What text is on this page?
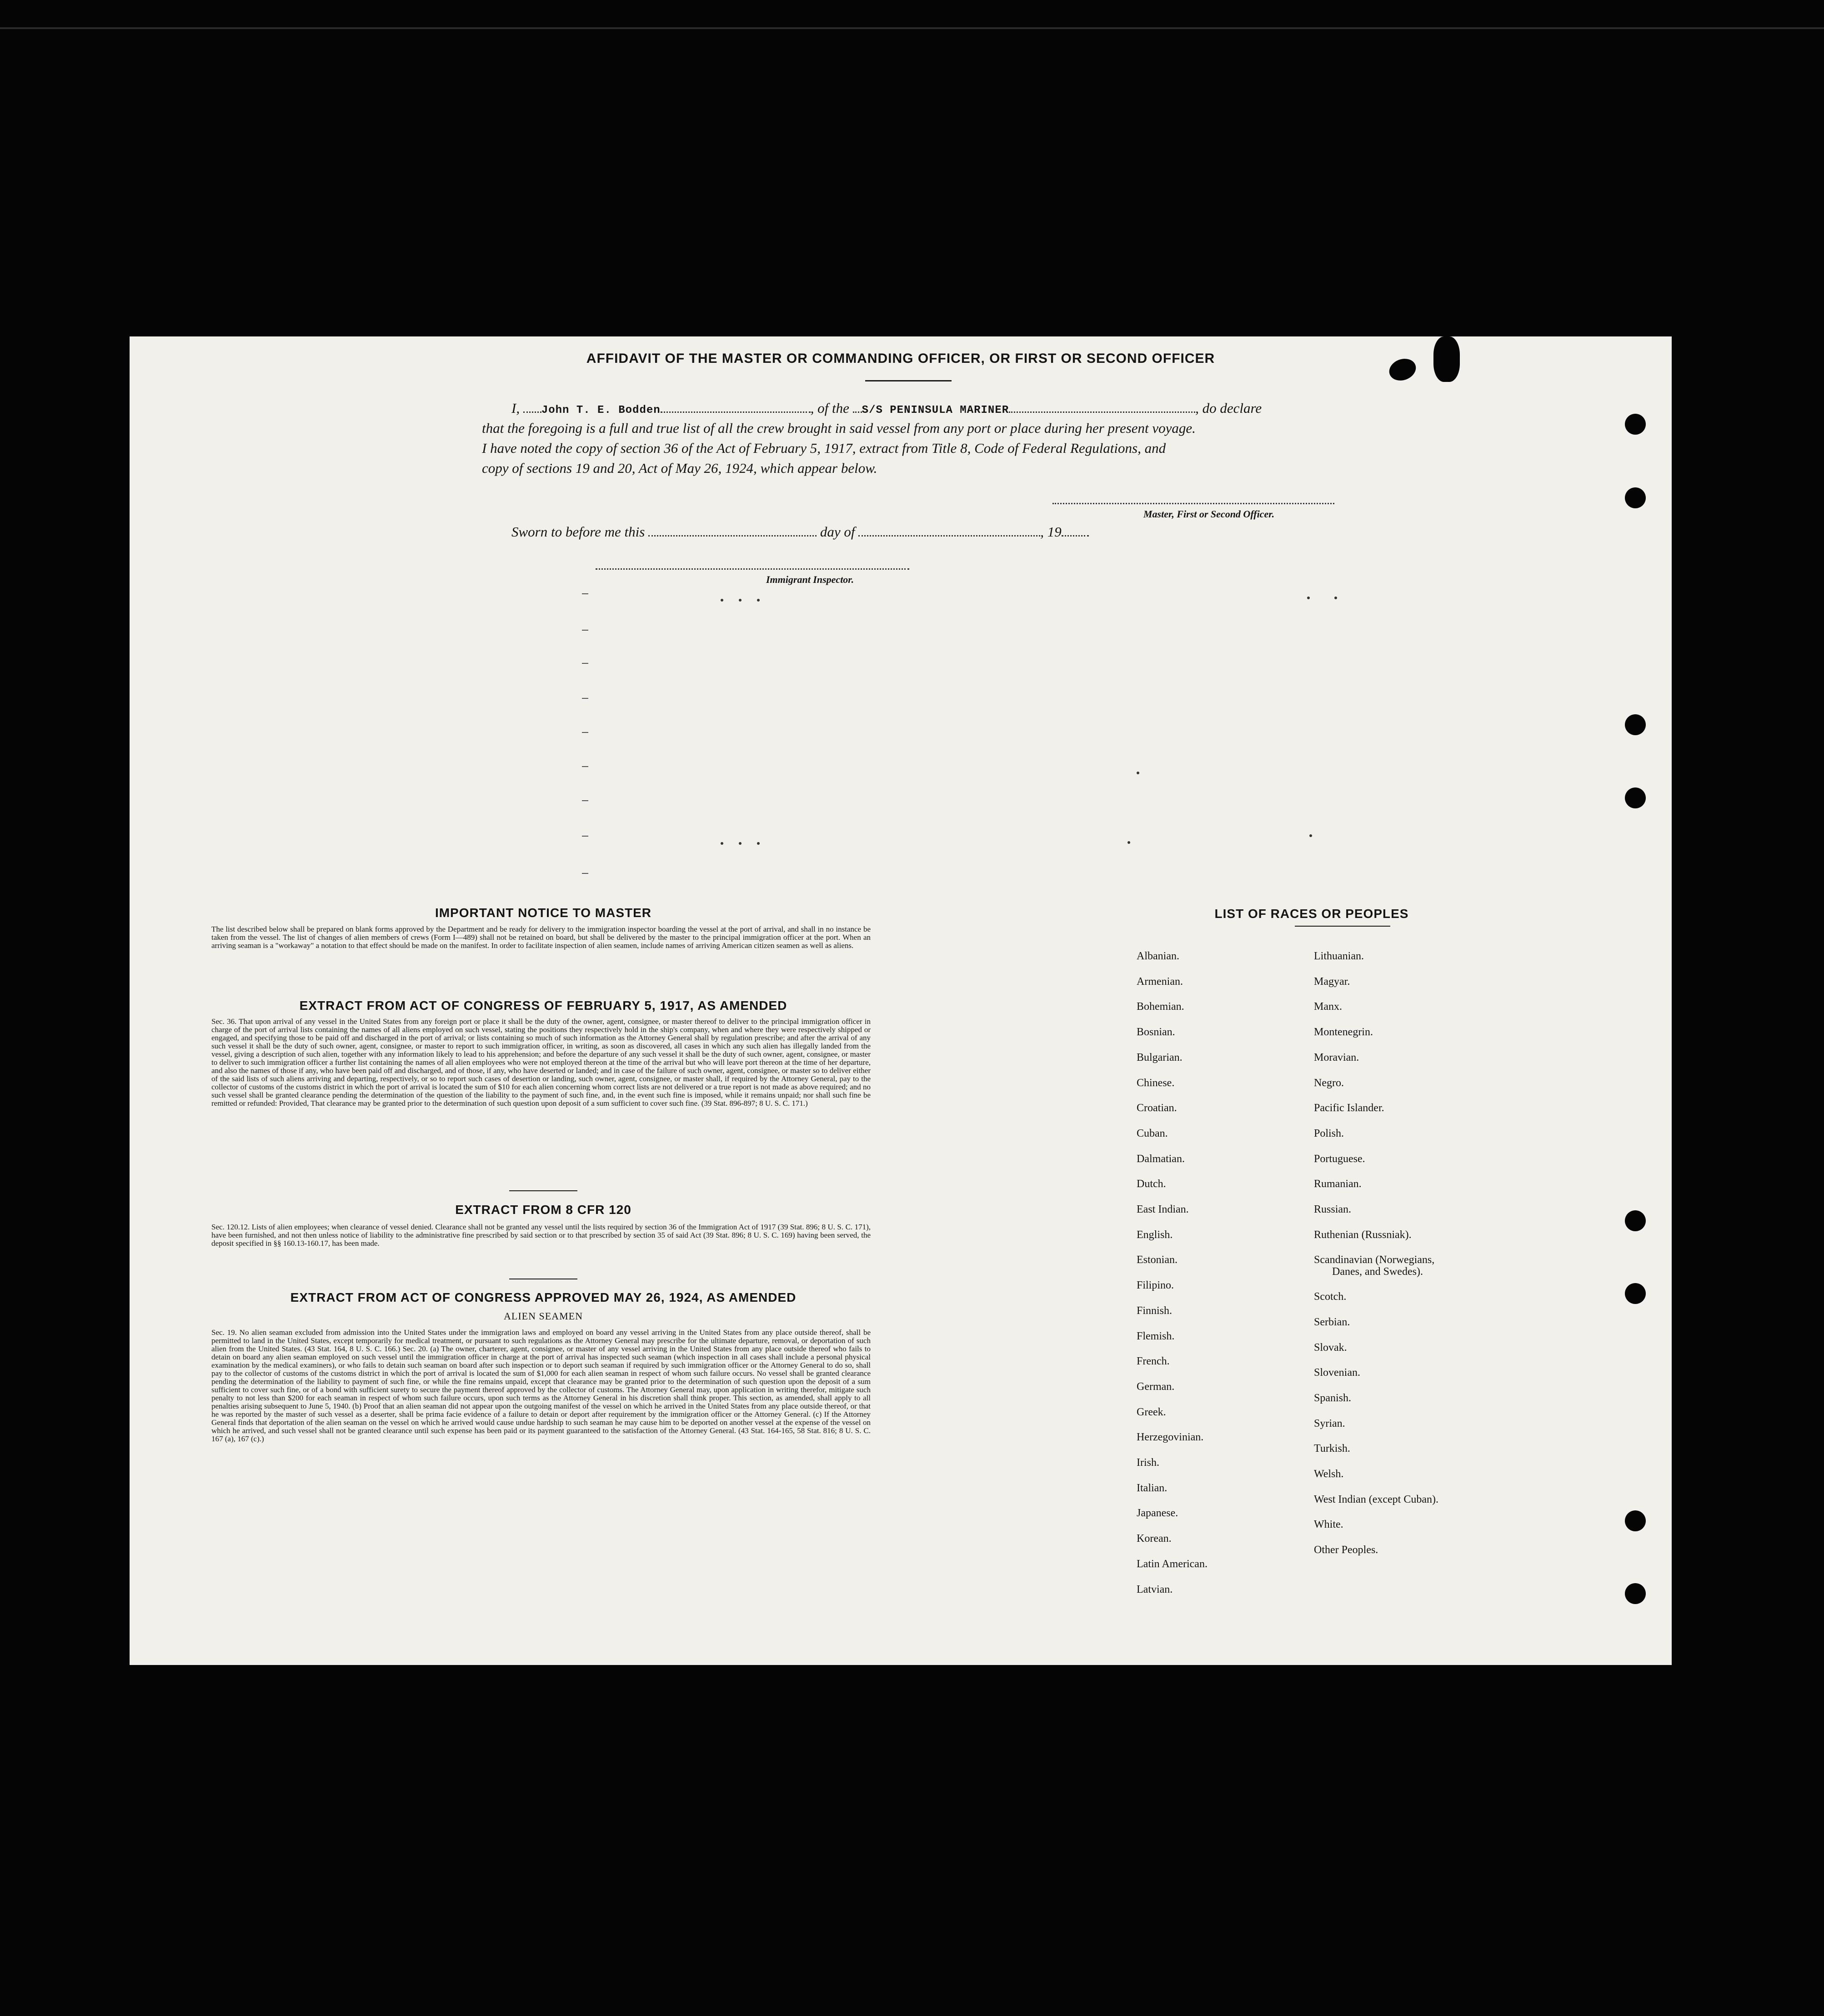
AFFIDAVIT OF THE MASTER OR COMMANDING OFFICER, OR FIRST OR SECOND OFFICER
I, John T. E. Bodden	, of the S/S PENINSULA MARINER	, do declare
that the foregoing is a full and true list of all the crew brought in said vessel from any port or place during her present voyage.
I have noted the copy of section 36 of the Act of February 5, 1917, extract from Title 8, Code of Federal Regulations, and
copy of sections 19 and 20, Act of May 26, 1924, which appear below.
Master, First or Second Officer.
Sworn to before me this	day of	, 19
Immigrant Inspector.
IMPORTANT NOTICE TO MASTER
The list described below shall be prepared on blank forms approved by the Department and be ready for delivery to the immigration inspector boarding the vessel at the port of arrival, and shall in no instance be taken from the vessel. The list of changes of alien members of crews (Form I—489) shall not be retained on board, but shall be delivered by the master to the principal immigration officer at the port. When an arriving seaman is a "workaway" a notation to that effect should be made on the manifest. In order to facilitate inspection of alien seamen, include names of arriving American citizen seamen as well as aliens.
EXTRACT FROM ACT OF CONGRESS OF FEBRUARY 5, 1917, AS AMENDED
Sec. 36. That upon arrival of any vessel in the United States from any foreign port or place it shall be the duty of the owner, agent, consignee, or master thereof to deliver to the principal immigration officer in charge of the port of arrival lists containing the names of all aliens employed on such vessel, stating the positions they respectively hold in the ship's company, when and where they were respectively shipped or engaged, and specifying those to be paid off and discharged in the port of arrival; or lists containing so much of such information as the Attorney General shall by regulation prescribe; and after the arrival of any such vessel it shall be the duty of such owner, agent, consignee, or master to report to such immigration officer, in writing, as soon as discovered, all cases in which any such alien has illegally landed from the vessel, giving a description of such alien, together with any information likely to lead to his apprehension; and before the departure of any such vessel it shall be the duty of such owner, agent, consignee, or master to deliver to such immigration officer a further list containing the names of all alien employees who were not employed thereon at the time of the arrival but who will leave port thereon at the time of her departure, and also the names of those if any, who have been paid off and discharged, and of those, if any, who have deserted or landed; and in case of the failure of such owner, agent, consignee, or master so to deliver either of the said lists of such aliens arriving and departing, respectively, or so to report such cases of desertion or landing, such owner, agent, consignee, or master shall, if required by the Attorney General, pay to the collector of customs of the customs district in which the port of arrival is located the sum of $10 for each alien concerning whom correct lists are not delivered or a true report is not made as above required; and no such vessel shall be granted clearance pending the determination of the question of the liability to the payment of such fine, and, in the event such fine is imposed, while it remains unpaid; nor shall such fine be remitted or refunded: Provided, That clearance may be granted prior to the determination of such question upon deposit of a sum sufficient to cover such fine. (39 Stat. 896-897; 8 U. S. C. 171.)
EXTRACT FROM 8 CFR 120
Sec. 120.12. Lists of alien employees; when clearance of vessel denied. Clearance shall not be granted any vessel until the lists required by section 36 of the Immigration Act of 1917 (39 Stat. 896; 8 U. S. C. 171), have been furnished, and not then unless notice of liability to the administrative fine prescribed by said section or to that prescribed by section 35 of said Act (39 Stat. 896; 8 U. S. C. 169) having been served, the deposit specified in §§ 160.13-160.17, has been made.
EXTRACT FROM ACT OF CONGRESS APPROVED MAY 26, 1924, AS AMENDED
ALIEN SEAMEN
Sec. 19. No alien seaman excluded from admission into the United States under the immigration laws and employed on board any vessel arriving in the United States from any place outside thereof, shall be permitted to land in the United States, except temporarily for medical treatment, or pursuant to such regulations as the Attorney General may prescribe for the ultimate departure, removal, or deportation of such alien from the United States. (43 Stat. 164, 8 U. S. C. 166.) Sec. 20. (a) The owner, charterer, agent, consignee, or master of any vessel arriving in the United States from any place outside thereof who fails to detain on board any alien seaman employed on such vessel until the immigration officer in charge at the port of arrival has inspected such seaman (which inspection in all cases shall include a personal physical examination by the medical examiners), or who fails to detain such seaman on board after such inspection or to deport such seaman if required by such immigration officer or the Attorney General to do so, shall pay to the collector of customs of the customs district in which the port of arrival is located the sum of $1,000 for each alien seaman in respect of whom such failure occurs. No vessel shall be granted clearance pending the determination of the liability to payment of such fine, or while the fine remains unpaid, except that clearance may be granted prior to the determination of such question upon the deposit of a sum sufficient to cover such fine, or of a bond with sufficient surety to secure the payment thereof approved by the collector of customs. The Attorney General may, upon application in writing therefor, mitigate such penalty to not less than $200 for each seaman in respect of whom such failure occurs, upon such terms as the Attorney General in his discretion shall think proper. This section, as amended, shall apply to all penalties arising subsequent to June 5, 1940. (b) Proof that an alien seaman did not appear upon the outgoing manifest of the vessel on which he arrived in the United States from any place outside thereof, or that he was reported by the master of such vessel as a deserter, shall be prima facie evidence of a failure to detain or deport after requirement by the immigration officer or the Attorney General. (c) If the Attorney General finds that deportation of the alien seaman on the vessel on which he arrived would cause undue hardship to such seaman he may cause him to be deported on another vessel at the expense of the vessel on which he arrived, and such vessel shall not be granted clearance until such expense has been paid or its payment guaranteed to the satisfaction of the Attorney General. (43 Stat. 164-165, 58 Stat. 816; 8 U. S. C. 167 (a), 167 (c).)
LIST OF RACES OR PEOPLES
Albanian.
Armenian.
Bohemian.
Bosnian.
Bulgarian.
Chinese.
Croatian.
Cuban.
Dalmatian.
Dutch.
East Indian.
English.
Estonian.
Filipino.
Finnish.
Flemish.
French.
German.
Greek.
Herzegovinian.
Irish.
Italian.
Japanese.
Korean.
Latin American.
Latvian.
Lithuanian.
Magyar.
Manx.
Montenegrin.
Moravian.
Negro.
Pacific Islander.
Polish.
Portuguese.
Rumanian.
Russian.
Ruthenian (Russniak).
Scandinavian (Norwegians,
Danes, and Swedes).
Scotch.
Serbian.
Slovak.
Slovenian.
Spanish.
Syrian.
Turkish.
Welsh.
West Indian (except Cuban).
White.
Other Peoples.
